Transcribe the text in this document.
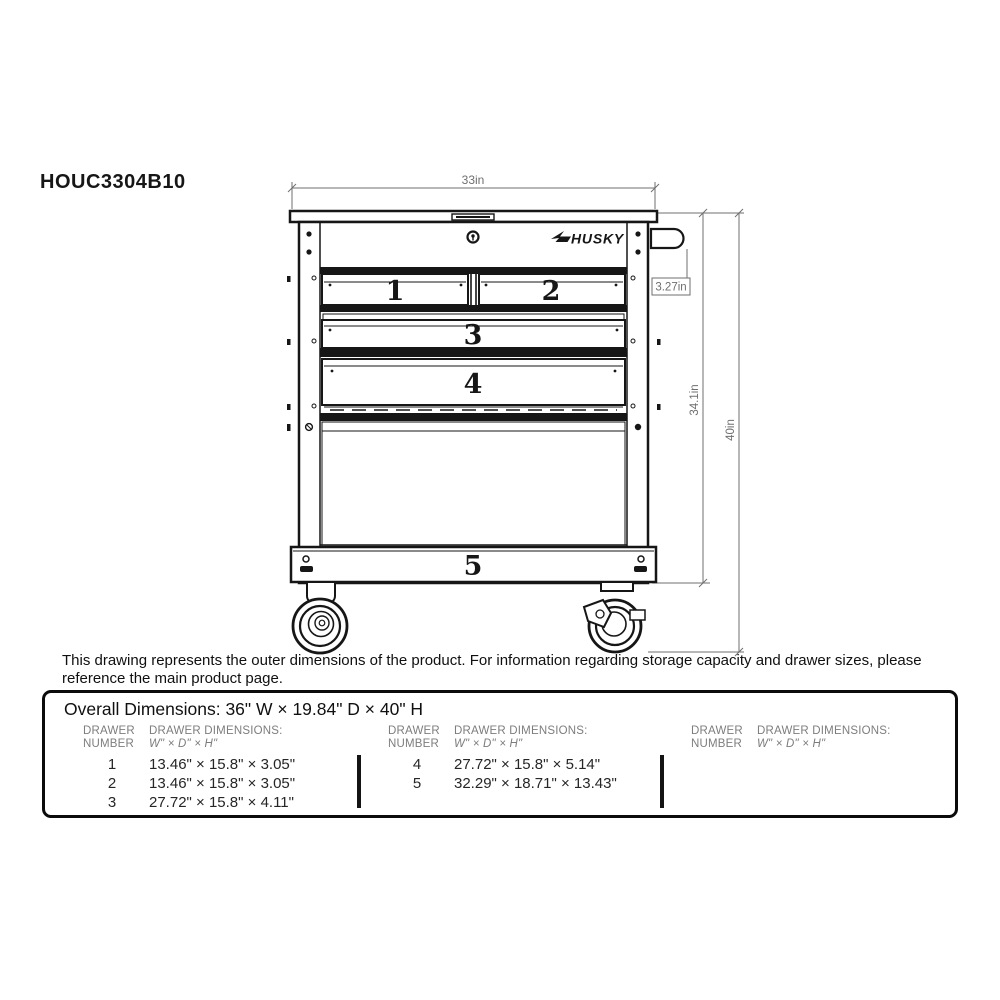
HOUC3304B10	33in
3.27in
34.1in
40in
HUSKY
1	2
3
4
5
This drawing represents the outer dimensions of the product. For information regarding storage capacity and drawer sizes, please reference the main product page.
Overall Dimensions: 36" W × 19.84" D × 40" H
DRAWER
NUMBER
DRAWER DIMENSIONS:
W" × D" × H"
1	13.46" × 15.8" × 3.05"
2	13.46" × 15.8" × 3.05"
3	27.72" × 15.8" × 4.11"
DRAWER
NUMBER
DRAWER DIMENSIONS:
W" × D" × H"
4	27.72" × 15.8" × 5.14"
5	32.29" × 18.71" × 13.43"
DRAWER
NUMBER
DRAWER DIMENSIONS:
W" × D" × H"
